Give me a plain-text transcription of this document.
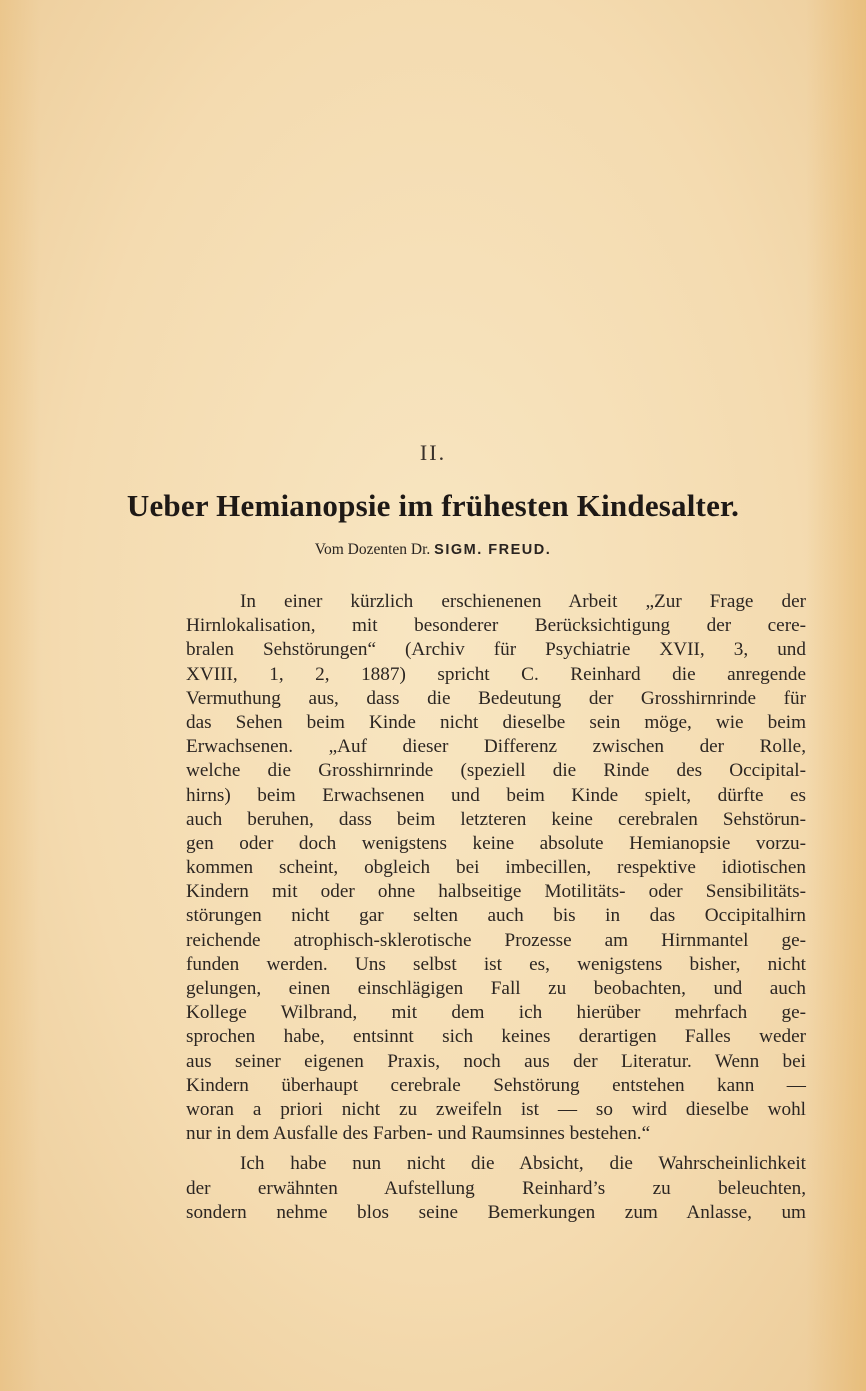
II.
Ueber Hemianopsie im frühesten Kindesalter.
Vom Dozenten Dr. SIGM. FREUD.
In einer kürzlich erschienenen Arbeit „Zur Frage der
Hirnlokalisation, mit besonderer Berücksichtigung der cere-
bralen Sehstörungen“ (Archiv für Psychiatrie XVII, 3, und
XVIII, 1, 2, 1887) spricht C. Reinhard die anregende
Vermuthung aus, dass die Bedeutung der Grosshirnrinde für
das Sehen beim Kinde nicht dieselbe sein möge, wie beim
Erwachsenen. „Auf dieser Differenz zwischen der Rolle,
welche die Grosshirnrinde (speziell die Rinde des Occipital-
hirns) beim Erwachsenen und beim Kinde spielt, dürfte es
auch beruhen, dass beim letzteren keine cerebralen Sehstörun-
gen oder doch wenigstens keine absolute Hemianopsie vorzu-
kommen scheint, obgleich bei imbecillen, respektive idiotischen
Kindern mit oder ohne halbseitige Motilitäts- oder Sensibilitäts-
störungen nicht gar selten auch bis in das Occipitalhirn
reichende atrophisch-sklerotische Prozesse am Hirnmantel ge-
funden werden. Uns selbst ist es, wenigstens bisher, nicht
gelungen, einen einschlägigen Fall zu beobachten, und auch
Kollege Wilbrand, mit dem ich hierüber mehrfach ge-
sprochen habe, entsinnt sich keines derartigen Falles weder
aus seiner eigenen Praxis, noch aus der Literatur. Wenn bei
Kindern überhaupt cerebrale Sehstörung entstehen kann —
woran a priori nicht zu zweifeln ist — so wird dieselbe wohl
nur in dem Ausfalle des Farben- und Raumsinnes bestehen.“
Ich habe nun nicht die Absicht, die Wahrscheinlichkeit
der erwähnten Aufstellung Reinhard’s zu beleuchten,
sondern nehme blos seine Bemerkungen zum Anlasse, um
